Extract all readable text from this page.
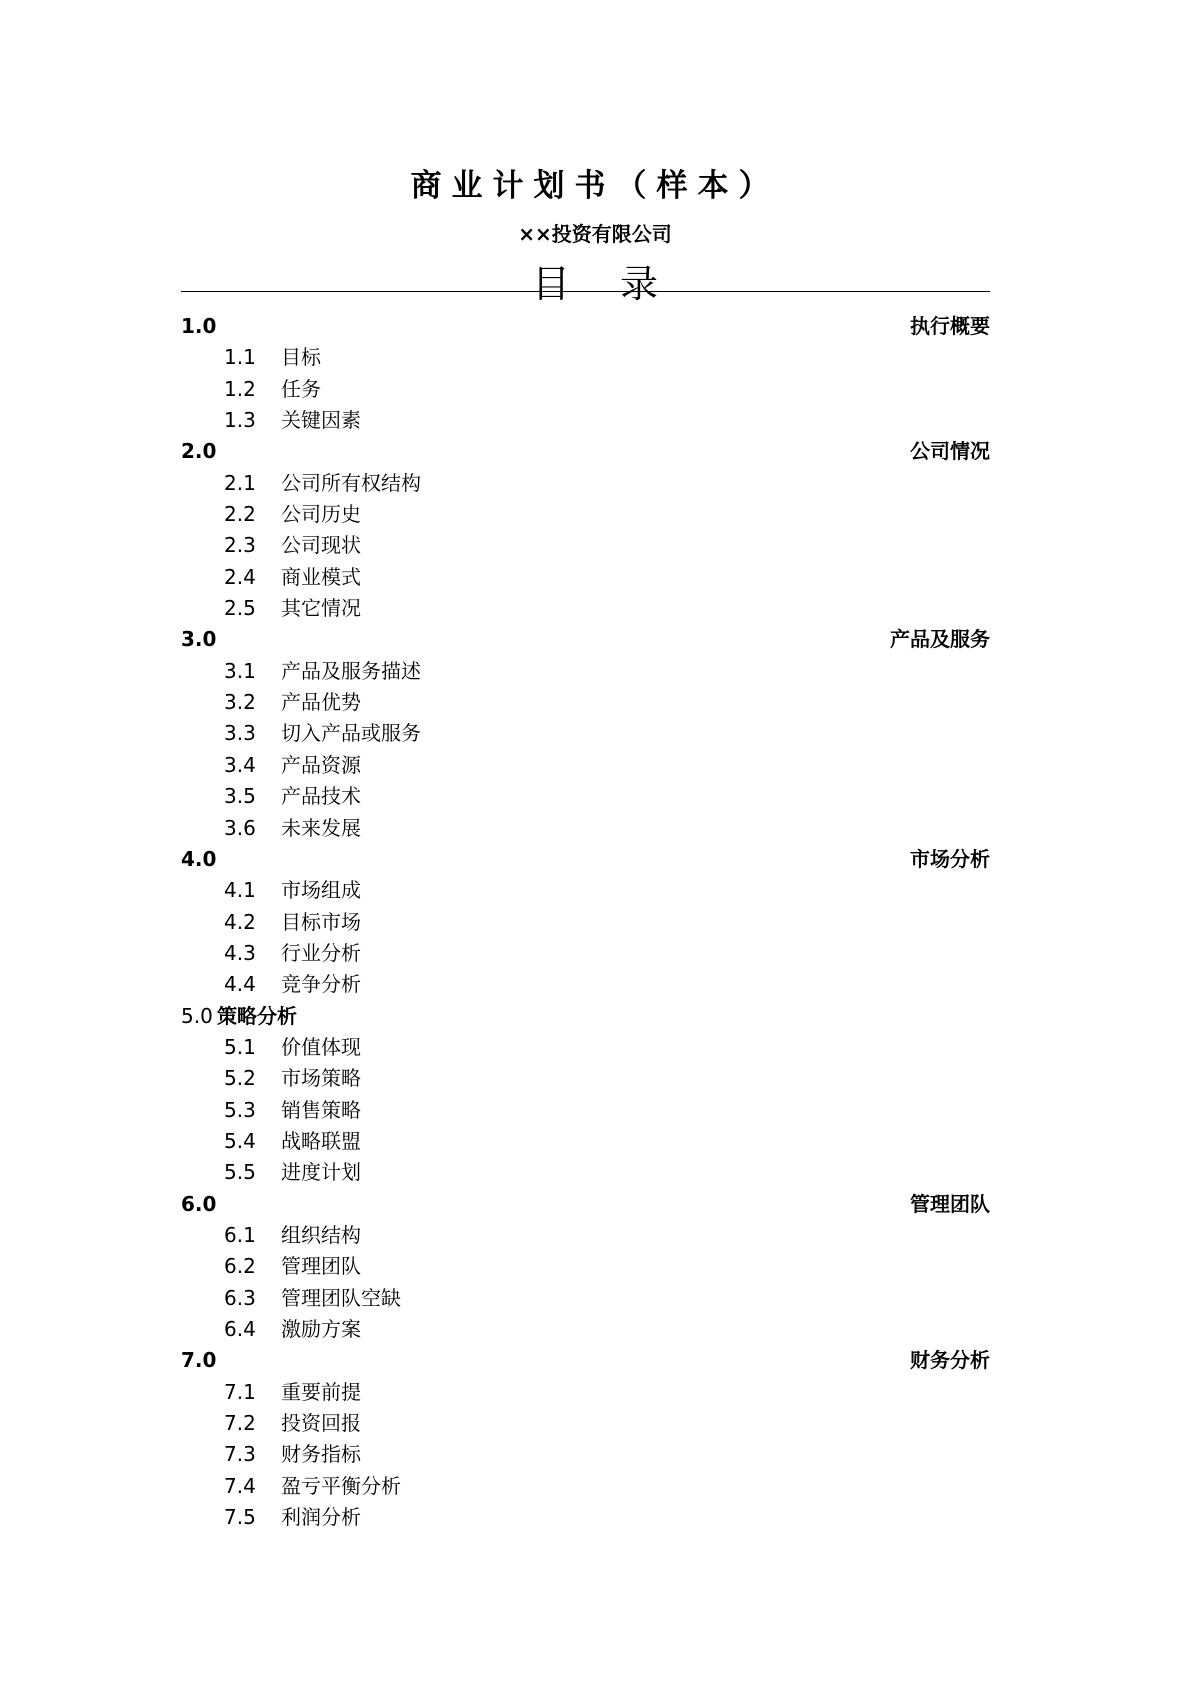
商业计划书（样本）
××投资有限公司
目录
1.0	执行概要
1.1 目标
1.2 任务
1.3 关键因素
2.0	公司情况
2.1 公司所有权结构
2.2 公司历史
2.3 公司现状
2.4 商业模式
2.5 其它情况
3.0	产品及服务
3.1 产品及服务描述
3.2 产品优势
3.3 切入产品或服务
3.4 产品资源
3.5 产品技术
3.6 未来发展
4.0	市场分析
4.1 市场组成
4.2 目标市场
4.3 行业分析
4.4 竞争分析
5.0 策略分析
5.1 价值体现
5.2 市场策略
5.3 销售策略
5.4 战略联盟
5.5 进度计划
6.0	管理团队
6.1 组织结构
6.2 管理团队
6.3 管理团队空缺
6.4 激励方案
7.0	财务分析
7.1 重要前提
7.2 投资回报
7.3 财务指标
7.4 盈亏平衡分析
7.5 利润分析
